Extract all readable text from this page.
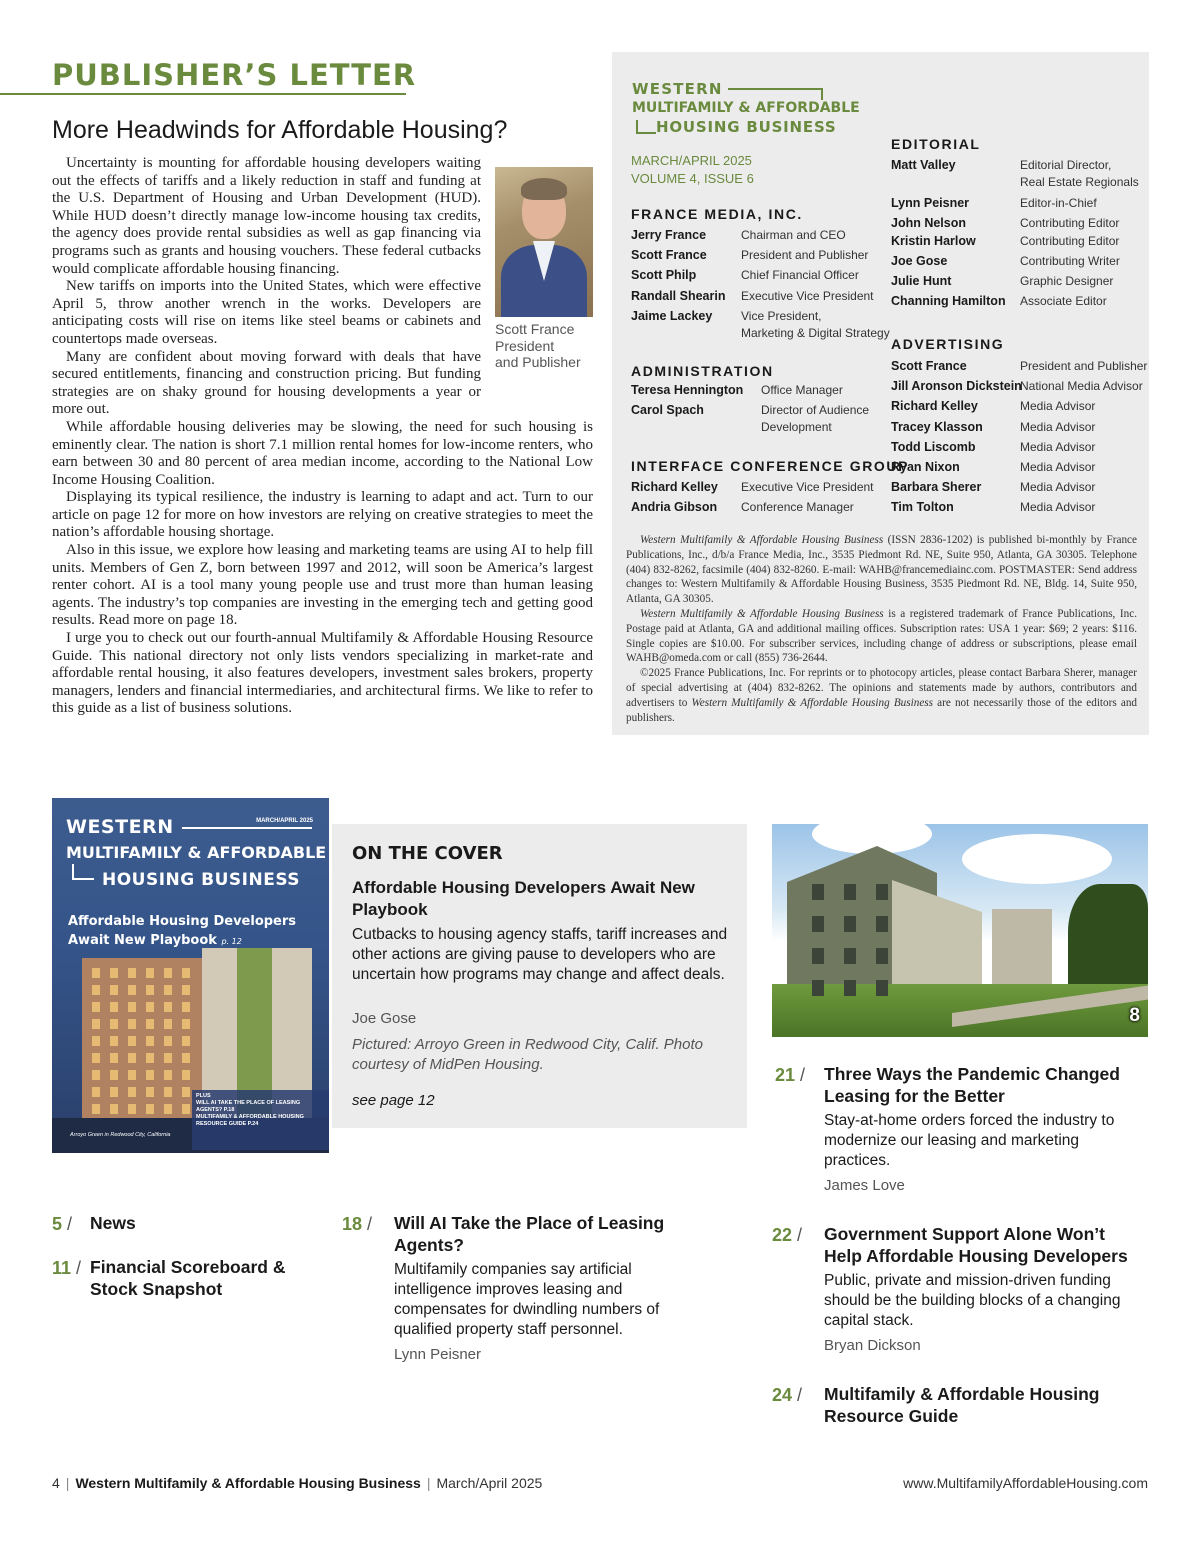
PUBLISHER’S LETTER
More Headwinds for Affordable Housing?
Scott France
President
and Publisher

Uncertainty is mounting for affordable housing developers waiting out the effects of tariffs and a likely reduction in staff and funding at the U.S. Department of Housing and Urban Development (HUD). While HUD doesn’t directly manage low-income housing tax credits, the agency does provide rental subsidies as well as gap financing via programs such as grants and housing vouchers. These federal cutbacks would complicate affordable housing financing.

New tariffs on imports into the United States, which were effective April 5, throw another wrench in the works. Developers are anticipating costs will rise on items like steel beams or cabinets and countertops made overseas.

Many are confident about moving forward with deals that have secured entitlements, financing and construction pricing. But funding strategies are on shaky ground for housing developments a year or more out.

While affordable housing deliveries may be slowing, the need for such housing is eminently clear. The nation is short 7.1 million rental homes for low-income renters, who earn between 30 and 80 percent of area median income, according to the National Low Income Housing Coalition.

Displaying its typical resilience, the industry is learning to adapt and act. Turn to our article on page 12 for more on how investors are relying on creative strategies to meet the nation’s affordable housing shortage.

Also in this issue, we explore how leasing and marketing teams are using AI to help fill units. Members of Gen Z, born between 1997 and 2012, will soon be America’s largest renter cohort. AI is a tool many young people use and trust more than human leasing agents. The industry’s top companies are investing in the emerging tech and getting good results. Read more on page 18.

I urge you to check out our fourth-annual Multifamily & Affordable Housing Resource Guide. This national directory not only lists vendors specializing in market-rate and affordable rental housing, it also features developers, investment sales brokers, property managers, lenders and financial intermediaries, and architectural firms. We like to refer to this guide as a list of business solutions.

WESTERN
MULTIFAMILY & AFFORDABLE
HOUSING BUSINESS
MARCH/APRIL 2025
VOLUME 4, ISSUE 6
FRANCE MEDIA, INC.
Jerry France	Chairman and CEO
Scott France	President and Publisher
Scott Philp	Chief Financial Officer
Randall Shearin Executive Vice President
Jaime Lackey Vice President,
Marketing & Digital Strategy
ADMINISTRATION
Teresa Hennington Office Manager
Carol Spach	Director of Audience
Development
INTERFACE CONFERENCE GROUP
Richard Kelley Executive Vice President
Andria Gibson Conference Manager
EDITORIAL
Matt Valley	Editorial Director,
Real Estate Regionals
Lynn Peisner	Editor-in-Chief
John Nelson	Contributing Editor
Kristin Harlow	Contributing Editor
Joe Gose	Contributing Writer
Julie Hunt	Graphic Designer
Channing Hamilton Associate Editor
ADVERTISING
Scott France	President and Publisher
Jill Aronson Dickstein
National Media Advisor
Richard Kelley	Media Advisor
Tracey Klasson	Media Advisor
Todd Liscomb	Media Advisor
Ryan Nixon	Media Advisor
Barbara Sherer	Media Advisor
Tim Tolton	Media Advisor

Western Multifamily & Affordable Housing Business (ISSN 2836-1202) is published bi-monthly by France Publications, Inc., d/b/a France Media, Inc., 3535 Piedmont Rd. NE, Suite 950, Atlanta, GA 30305. Telephone (404) 832-8262, facsimile (404) 832-8260. E-mail: WAHB@francemediainc.com. POSTMASTER: Send address changes to: Western Multifamily & Affordable Housing Business, 3535 Piedmont Rd. NE, Bldg. 14, Suite 950, Atlanta, GA 30305.

Western Multifamily & Affordable Housing Business is a registered trademark of France Publications, Inc. Postage paid at Atlanta, GA and additional mailing offices. Subscription rates: USA 1 year: $69; 2 years: $116. Single copies are $10.00. For subscriber services, including change of address or subscriptions, please email WAHB@omeda.com or call (855) 736-2644.

©2025 France Publications, Inc. For reprints or to photocopy articles, please contact Barbara Sherer, manager of special advertising at (404) 832-8262. The opinions and statements made by authors, contributors and advertisers to Western Multifamily & Affordable Housing Business are not necessarily those of the editors and publishers.

MARCH/APRIL 2025
WESTERN
MULTIFAMILY & AFFORDABLE
HOUSING BUSINESS
Affordable Housing Developers
Await New Playbook p. 12
PLUS
WILL AI TAKE THE PLACE OF LEASING
AGENTS? P.18
MULTIFAMILY & AFFORDABLE HOUSING
RESOURCE GUIDE P.24
Arroyo Green in Redwood City, California
ON THE COVER
Affordable Housing Developers Await New Playbook
Cutbacks to housing agency staffs, tariff increases and other actions are giving pause to developers who are uncertain how programs may change and affect deals.
Joe Gose
Pictured: Arroyo Green in Redwood City, Calif. Photo courtesy of MidPen Housing.
see page 12
8
5 / News
11 / Financial Scoreboard & Stock Snapshot
18 / Will AI Take the Place of Leasing Agents?
Multifamily companies say artificial intelligence improves leasing and compensates for dwindling numbers of qualified property staff personnel.
Lynn Peisner
21 / Three Ways the Pandemic Changed Leasing for the Better
Stay-at-home orders forced the industry to modernize our leasing and marketing practices.
James Love
22 / Government Support Alone Won’t Help Affordable Housing Developers
Public, private and mission-driven funding should be the building blocks of a changing capital stack.
Bryan Dickson
24 / Multifamily & Affordable Housing Resource Guide
4 | Western Multifamily & Affordable Housing Business | March/April 2025	www.MultifamilyAffordableHousing.com
